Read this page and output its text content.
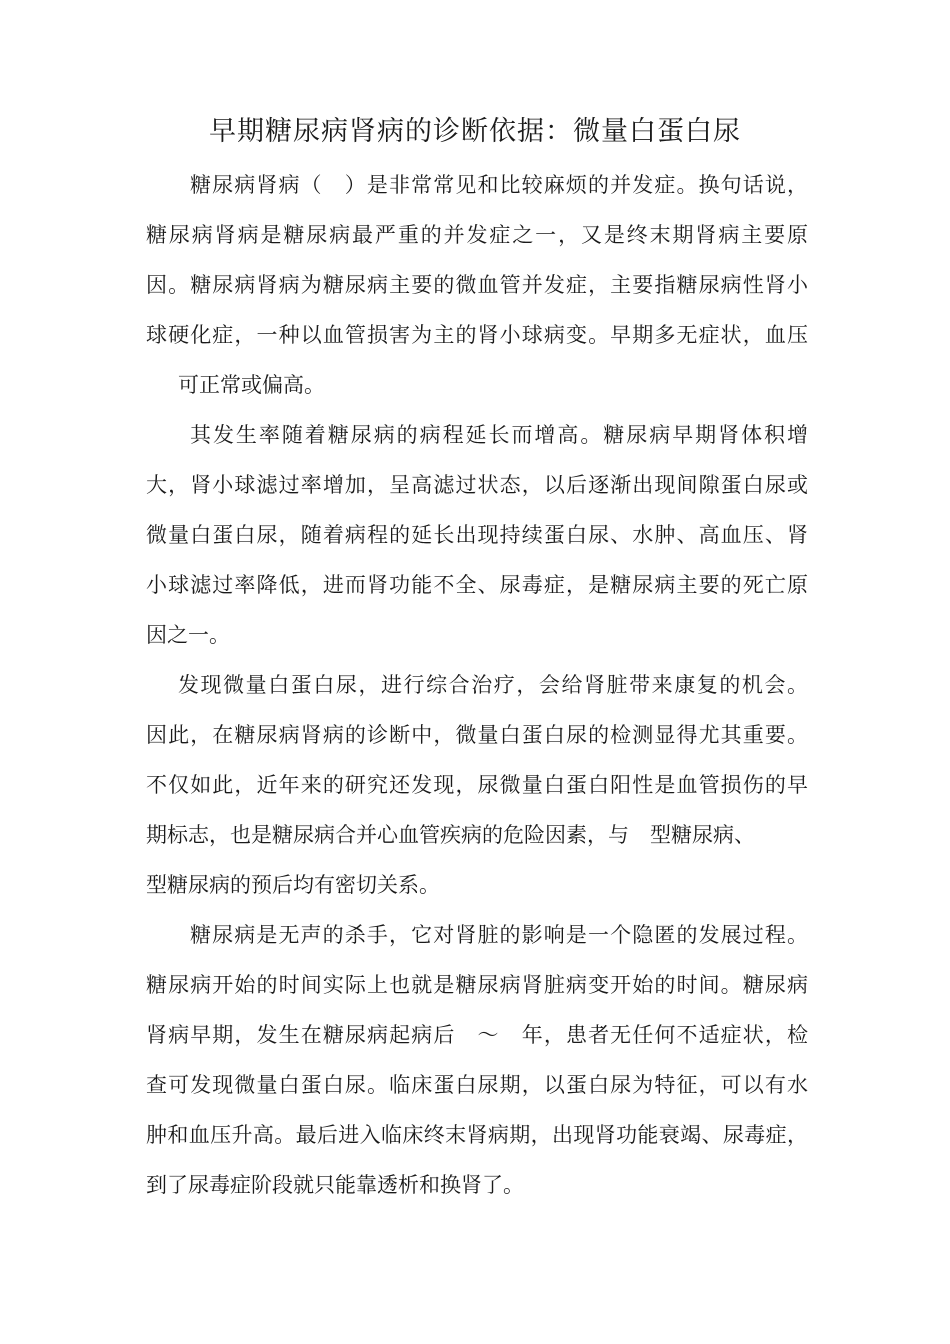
早期糖尿病肾病的诊断依据：微量白蛋白尿
糖尿病肾病（　）是非常常见和比较麻烦的并发症。换句话说，
糖尿病肾病是糖尿病最严重的并发症之一，又是终末期肾病主要原
因。糖尿病肾病为糖尿病主要的微血管并发症，主要指糖尿病性肾小
球硬化症，一种以血管损害为主的肾小球病变。早期多无症状，血压
可正常或偏高。
其发生率随着糖尿病的病程延长而增高。糖尿病早期肾体积增
大，肾小球滤过率增加，呈高滤过状态，以后逐渐出现间隙蛋白尿或
微量白蛋白尿，随着病程的延长出现持续蛋白尿、水肿、高血压、肾
小球滤过率降低，进而肾功能不全、尿毒症，是糖尿病主要的死亡原
因之一。
发现微量白蛋白尿，进行综合治疗，会给肾脏带来康复的机会。
因此，在糖尿病肾病的诊断中，微量白蛋白尿的检测显得尤其重要。
不仅如此，近年来的研究还发现，尿微量白蛋白阳性是血管损伤的早
期标志，也是糖尿病合并心血管疾病的危险因素，与　型糖尿病、
型糖尿病的预后均有密切关系。
糖尿病是无声的杀手，它对肾脏的影响是一个隐匿的发展过程。
糖尿病开始的时间实际上也就是糖尿病肾脏病变开始的时间。糖尿病
肾病早期，发生在糖尿病起病后　～　年，患者无任何不适症状，检
查可发现微量白蛋白尿。临床蛋白尿期，以蛋白尿为特征，可以有水
肿和血压升高。最后进入临床终末肾病期，出现肾功能衰竭、尿毒症，
到了尿毒症阶段就只能靠透析和换肾了。
